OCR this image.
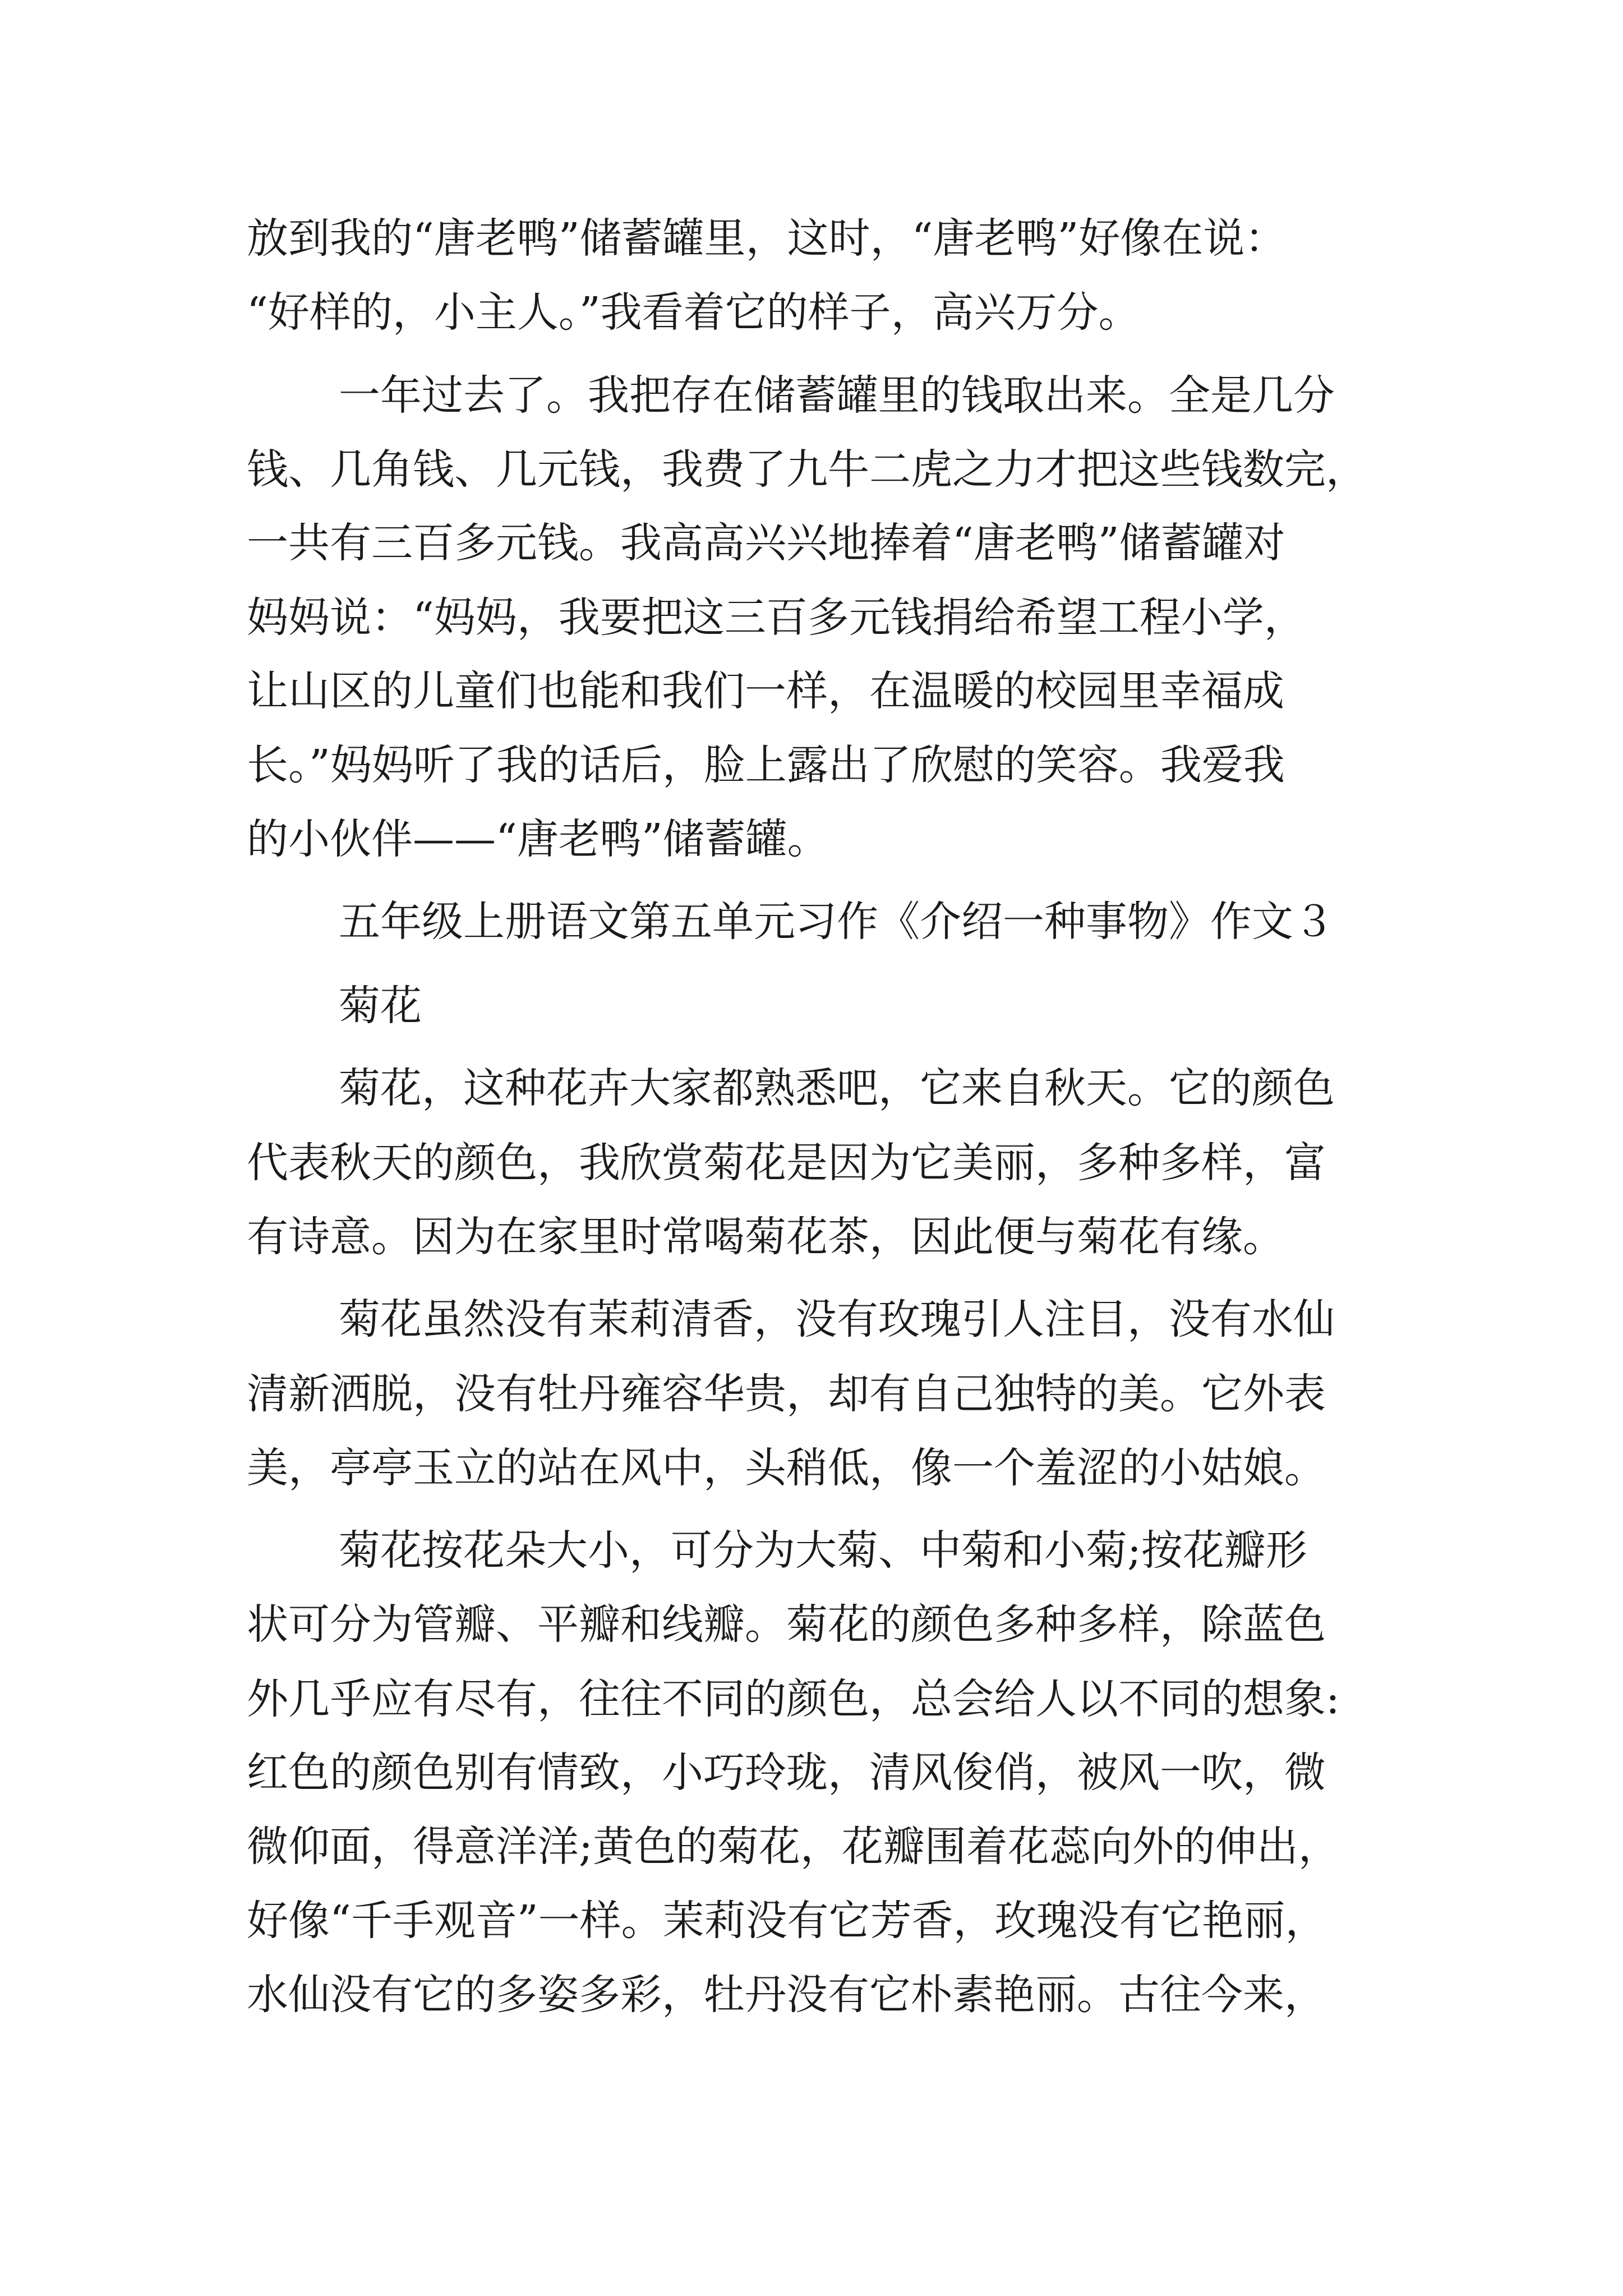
放到我的“唐老鸭”储蓄罐里，这时，“唐老鸭”好像在说：

“好样的，小主人。”我看着它的样子，高兴万分。

一年过去了。我把存在储蓄罐里的钱取出来。全是几分

钱、几角钱、几元钱，我费了九牛二虎之力才把这些钱数完，

一共有三百多元钱。我高高兴兴地捧着“唐老鸭”储蓄罐对

妈妈说：“妈妈，我要把这三百多元钱捐给希望工程小学，

让山区的儿童们也能和我们一样，在温暖的校园里幸福成

长。”妈妈听了我的话后，脸上露出了欣慰的笑容。我爱我

的小伙伴——“唐老鸭”储蓄罐。

五年级上册语文第五单元习作《介绍一种事物》作文３

菊花

菊花，这种花卉大家都熟悉吧，它来自秋天。它的颜色

代表秋天的颜色，我欣赏菊花是因为它美丽，多种多样，富

有诗意。因为在家里时常喝菊花茶，因此便与菊花有缘。

菊花虽然没有茉莉清香，没有玫瑰引人注目，没有水仙

清新洒脱，没有牡丹雍容华贵，却有自己独特的美。它外表

美，亭亭玉立的站在风中，头稍低，像一个羞涩的小姑娘。

菊花按花朵大小，可分为大菊、中菊和小菊;按花瓣形

状可分为管瓣、平瓣和线瓣。菊花的颜色多种多样，除蓝色

外几乎应有尽有，往往不同的颜色，总会给人以不同的想象:

红色的颜色别有情致，小巧玲珑，清风俊俏，被风一吹，微

微仰面，得意洋洋;黄色的菊花，花瓣围着花蕊向外的伸出，

好像“千手观音”一样。茉莉没有它芳香，玫瑰没有它艳丽，

水仙没有它的多姿多彩，牡丹没有它朴素艳丽。古往今来，
